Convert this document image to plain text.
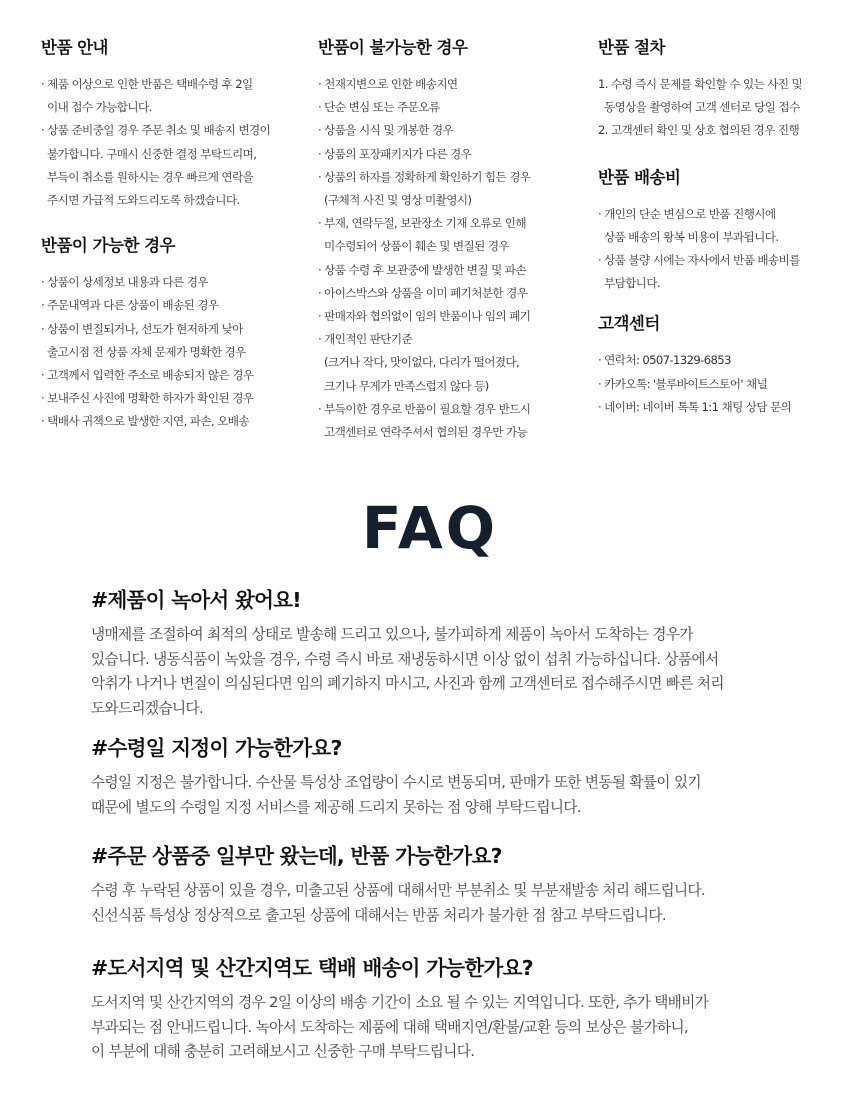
반품 안내
· 제품 이상으로 인한 반품은 택배수령 후 2일
이내 접수 가능합니다.
· 상품 준비중일 경우 주문 취소 및 배송지 변경이
불가합니다. 구매시 신중한 결정 부탁드리며,
부득이 취소를 원하시는 경우 빠르게 연락을
주시면 가급적 도와드리도록 하겠습니다.
반품이 가능한 경우
· 상품이 상세정보 내용과 다른 경우
· 주문내역과 다른 상품이 배송된 경우
· 상품이 변질되거나, 선도가 현저하게 낮아
출고시점 전 상품 자체 문제가 명확한 경우
· 고객께서 입력한 주소로 배송되지 않은 경우
· 보내주신 사진에 명확한 하자가 확인된 경우
· 택배사 귀책으로 발생한 지연, 파손, 오배송
반품이 불가능한 경우
· 천재지변으로 인한 배송지연
· 단순 변심 또는 주문오류
· 상품을 시식 및 개봉한 경우
· 상품의 포장패키지가 다른 경우
· 상품의 하자를 정확하게 확인하기 힘든 경우
(구체적 사진 및 영상 미촬영시)
· 부재, 연락두절, 보관장소 기재 오류로 인해
미수령되어 상품이 훼손 및 변질된 경우
· 상품 수령 후 보관중에 발생한 변질 및 파손
· 아이스박스와 상품을 이미 폐기처분한 경우
· 판매자와 협의없이 임의 반품이나 임의 폐기
· 개인적인 판단기준
(크거나 작다, 맛이없다, 다리가 떨어졌다,
크기나 무게가 만족스럽지 않다 등)
· 부득이한 경우로 반품이 필요할 경우 반드시
고객센터로 연락주셔서 협의된 경우만 가능
반품 절차
1. 수령 즉시 문제를 확인할 수 있는 사진 및
동영상을 촬영하여 고객 센터로 당일 접수
2. 고객센터 확인 및 상호 협의된 경우 진행
반품 배송비
· 개인의 단순 변심으로 반품 진행시에
상품 배송의 왕복 비용이 부과됩니다.
· 상품 불량 시에는 자사에서 반품 배송비를
부담합니다.
고객센터
· 연락처: 0507-1329-6853
· 카카오톡: '블루바이트스토어' 채널
· 네이버: 네이버 톡톡 1:1 채팅 상담 문의
FAQ
#제품이 녹아서 왔어요!
냉매제를 조절하여 최적의 상태로 발송해 드리고 있으나, 불가피하게 제품이 녹아서 도착하는 경우가
있습니다. 냉동식품이 녹았을 경우, 수령 즉시 바로 재냉동하시면 이상 없이 섭취 가능하십니다. 상품에서
악취가 나거나 변질이 의심된다면 임의 폐기하지 마시고, 사진과 함께 고객센터로 접수해주시면 빠른 처리
도와드리겠습니다.
#수령일 지정이 가능한가요?
수령일 지정은 불가합니다. 수산물 특성상 조업량이 수시로 변동되며, 판매가 또한 변동될 확률이 있기
때문에 별도의 수령일 지정 서비스를 제공해 드리지 못하는 점 양해 부탁드립니다.
#주문 상품중 일부만 왔는데, 반품 가능한가요?
수령 후 누락된 상품이 있을 경우, 미출고된 상품에 대해서만 부분취소 및 부분재발송 처리 해드립니다.
신선식품 특성상 정상적으로 출고된 상품에 대해서는 반품 처리가 불가한 점 참고 부탁드립니다.
#도서지역 및 산간지역도 택배 배송이 가능한가요?
도서지역 및 산간지역의 경우 2일 이상의 배송 기간이 소요 될 수 있는 지역입니다. 또한, 추가 택배비가
부과되는 점 안내드립니다. 녹아서 도착하는 제품에 대해 택배지연/환불/교환 등의 보상은 불가하니,
이 부분에 대해 충분히 고려해보시고 신중한 구매 부탁드립니다.
